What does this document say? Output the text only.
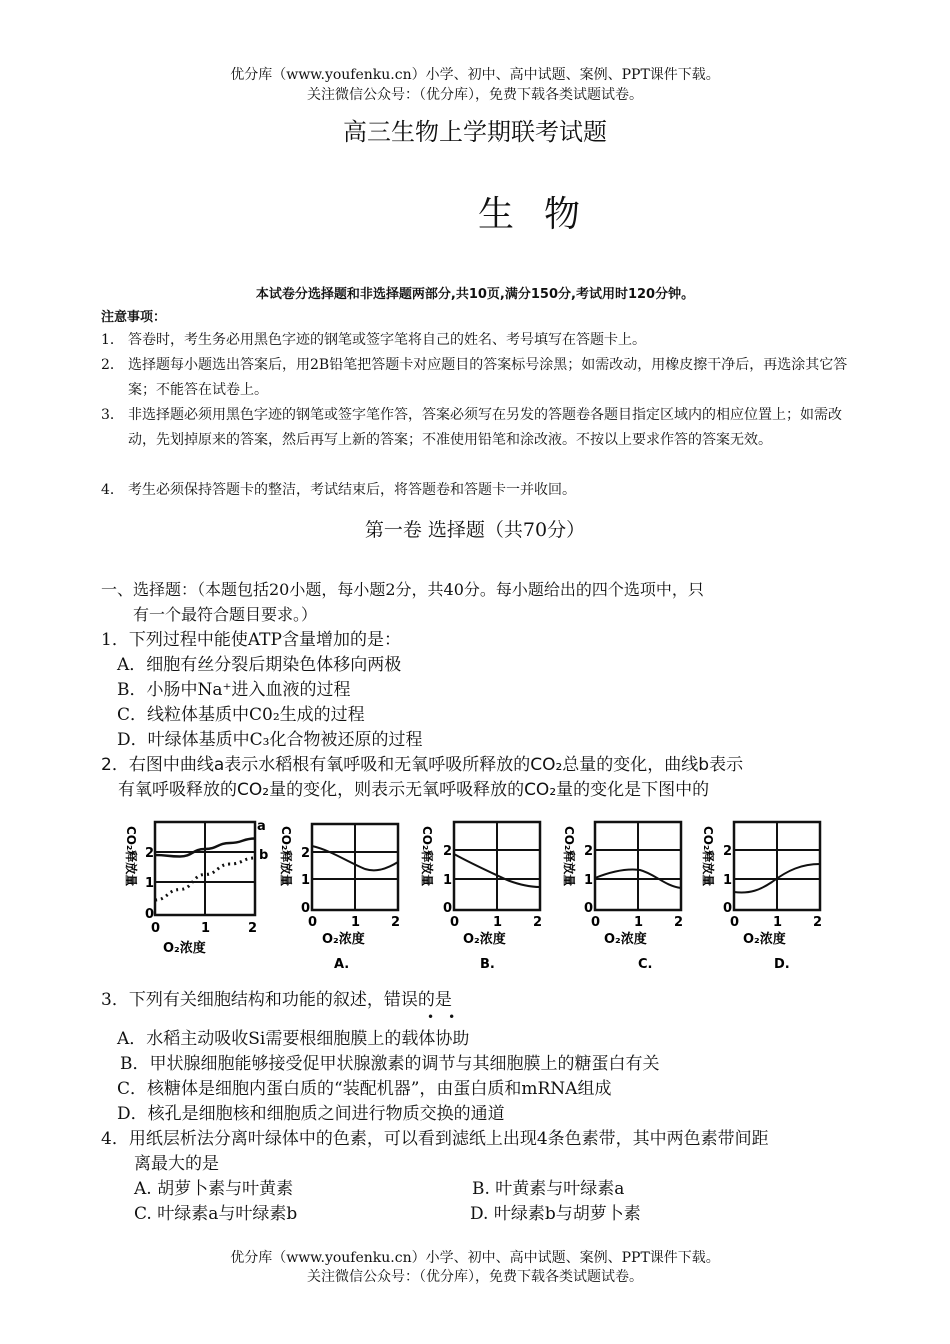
优分库（www.youfenku.cn）小学、初中、高中试题、案例、PPT课件下载。
关注微信公众号：（优分库），免费下载各类试题试卷。
高三生物上学期联考试题
生物
本试卷分选择题和非选择题两部分,共10页,满分150分,考试用时120分钟。
注意事项：
1． 答卷时，考生务必用黑色字迹的钢笔或签字笔将自己的姓名、考号填写在答题卡上。
2． 选择题每小题选出答案后，用2B铅笔把答题卡对应题目的答案标号涂黑；如需改动，用橡皮擦干净后，再选涂其它答案；不能答在试卷上。
3． 非选择题必须用黑色字迹的钢笔或签字笔作答，答案必须写在另发的答题卷各题目指定区域内的相应位置上；如需改动，先划掉原来的答案，然后再写上新的答案；不准使用铅笔和涂改液。不按以上要求作答的答案无效。
4． 考生必须保持答题卡的整洁，考试结束后，将答题卷和答题卡一并收回。
第一卷 选择题（共70分）
一、选择题：（本题包括20小题，每小题2分，共40分。每小题给出的四个选项中，只
有一个最符合题目要求。）
1．下列过程中能使ATP含量增加的是：
A．细胞有丝分裂后期染色体移向两极
B．小肠中Na⁺进入血液的过程
C．线粒体基质中C0₂生成的过程
D．叶绿体基质中C₃化合物被还原的过程
2．右图中曲线a表示水稻根有氧呼吸和无氧呼吸所释放的CO₂总量的变化，曲线b表示
有氧呼吸释放的CO₂量的变化，则表示无氧呼吸释放的CO₂量的变化是下图中的
a
b
2
1
0
0	1	2
O₂浓度
CO₂释放量	2
1
0
0	1 2
O₂浓度
CO₂释放量
A.
2
1
0
0	1 2
O₂浓度
CO₂释放量
B.
2
1
0
0	1 2
O₂浓度
CO₂释放量
C.
2
1
0
0	1 2
O₂浓度
CO₂释放量
D.
3．下列有关细胞结构和功能的叙述，错误的是
••
A．水稻主动吸收Si需要根细胞膜上的载体协助
B．甲状腺细胞能够接受促甲状腺激素的调节与其细胞膜上的糖蛋白有关
C．核糖体是细胞内蛋白质的“装配机器”，由蛋白质和mRNA组成
D．核孔是细胞核和细胞质之间进行物质交换的通道
4．用纸层析法分离叶绿体中的色素，可以看到滤纸上出现4条色素带，其中两色素带间距
离最大的是
A. 胡萝卜素与叶黄素	B. 叶黄素与叶绿素a
C. 叶绿素a与叶绿素b	D. 叶绿素b与胡萝卜素
优分库（www.youfenku.cn）小学、初中、高中试题、案例、PPT课件下载。
关注微信公众号：（优分库），免费下载各类试题试卷。
